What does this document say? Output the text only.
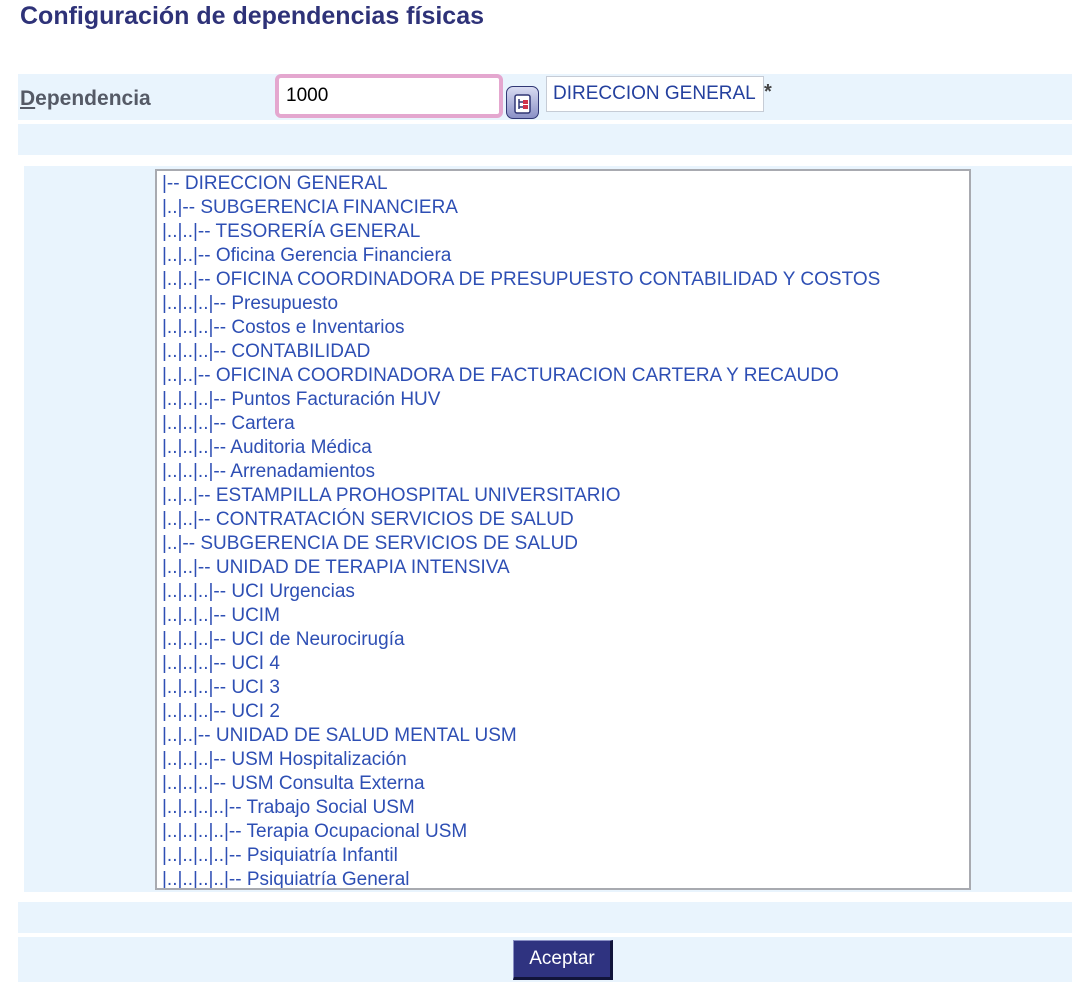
Configuración de dependencias físicas
Dependencia
1000	DIRECCION GENERAL *
|-- DIRECCION GENERAL
|..|-- SUBGERENCIA FINANCIERA
|..|..|-- TESORERÍA GENERAL
|..|..|-- Oficina Gerencia Financiera
|..|..|-- OFICINA COORDINADORA DE PRESUPUESTO CONTABILIDAD Y COSTOS
|..|..|..|-- Presupuesto
|..|..|..|-- Costos e Inventarios
|..|..|..|-- CONTABILIDAD
|..|..|-- OFICINA COORDINADORA DE FACTURACION CARTERA Y RECAUDO
|..|..|..|-- Puntos Facturación HUV
|..|..|..|-- Cartera
|..|..|..|-- Auditoria Médica
|..|..|..|-- Arrenadamientos
|..|..|-- ESTAMPILLA PROHOSPITAL UNIVERSITARIO
|..|..|-- CONTRATACIÓN SERVICIOS DE SALUD
|..|-- SUBGERENCIA DE SERVICIOS DE SALUD
|..|..|-- UNIDAD DE TERAPIA INTENSIVA
|..|..|..|-- UCI Urgencias
|..|..|..|-- UCIM
|..|..|..|-- UCI de Neurocirugía
|..|..|..|-- UCI 4
|..|..|..|-- UCI 3
|..|..|..|-- UCI 2
|..|..|-- UNIDAD DE SALUD MENTAL USM
|..|..|..|-- USM Hospitalización
|..|..|..|-- USM Consulta Externa
|..|..|..|..|-- Trabajo Social USM
|..|..|..|..|-- Terapia Ocupacional USM
|..|..|..|..|-- Psiquiatría Infantil
|..|..|..|..|-- Psiquiatría General
Aceptar
